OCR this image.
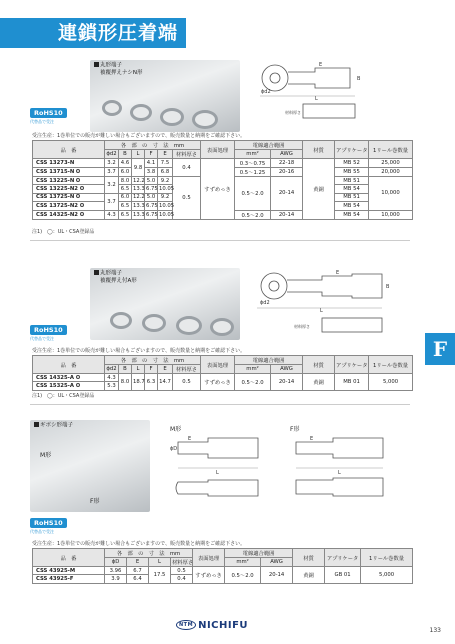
連鎖形圧着端子
F
丸形端子
被覆押えナシN形
ϕd2
L
E
B
材料厚さ
RoHS10
代替品で受注
受注生産：1巻単位での販売が難しい場合もございますので、販売数量と納期をご確認下さい。
品　番	各　部　の　寸　法　mm						表面処理	電線適合範囲		材質	アプリケータ	1リール巻数量
	ϕd2	B	L	F	E	材料厚さ		mm²	AWG			
CSS 13273-N	3.2	4.6	9.8	4.1	7.5	0.4	すずめっき	0.3〜0.75	22-18	黄銅	MB 52	25,000
CSS 13715-N	3.7	6.0		3.8	6.8			0.5〜1.25	20-16		MB 55	20,000
CSS 13225-N	3.2	8.0	12.2	5.0	9.2	0.5		0.5〜2.0	20-14		MB 51	10,000
CSS 13225-N2		6.5	13.3	6.75	10.05						MB 54	
CSS 13725-N	3.7	6.0	12.2	5.0	9.2						MB 51	
CSS 13725-N2		6.5	13.3	6.75	10.05						MB 54	
CSS 14325-N2	4.3	6.5	13.3	6.75	10.05			0.5〜2.0	20-14		MB 54	10,000
注1)　◯：UL・CSA登録品
丸形端子
被覆押え付A形
ϕd2
L
E
B
材料厚さ
RoHS10
代替品で受注
受注生産：1巻単位での販売が難しい場合もございますので、販売数量と納期をご確認下さい。
品　番	各　部　の　寸　法　mm						表面処理	電線適合範囲		材質	アプリケータ	1リール巻数量
	ϕd2	B	L	F	E	材料厚さ		mm²	AWG			
CSS 14325-A	4.3	8.0	18.7	6.3	14.7	0.5	すずめっき	0.5〜2.0	20-14	黄銅	MB 01	5,000
CSS 15325-A	5.3											
注1)　◯：UL・CSA登録品
ギボシ形端子
M形
F形
M形
L
ϕD
E
F形
L
E
RoHS10
代替品で受注
受注生産：1巻単位での販売が難しい場合もございますので、販売数量と納期をご確認下さい。
品　番	各　部　の　寸　法　mm				表面処理	電線適合範囲		材質	アプリケータ	1リール巻数量
	ϕD	E	L	材料厚さ		mm²	AWG			
CSS 43925-M	3.96	6.7	17.5	0.5	すずめっき	0.5〜2.0	20-14	黄銅	GB 01	5,000
CSS 43925-F	3.9	6.4		0.4						
NTM NICHIFU	133
